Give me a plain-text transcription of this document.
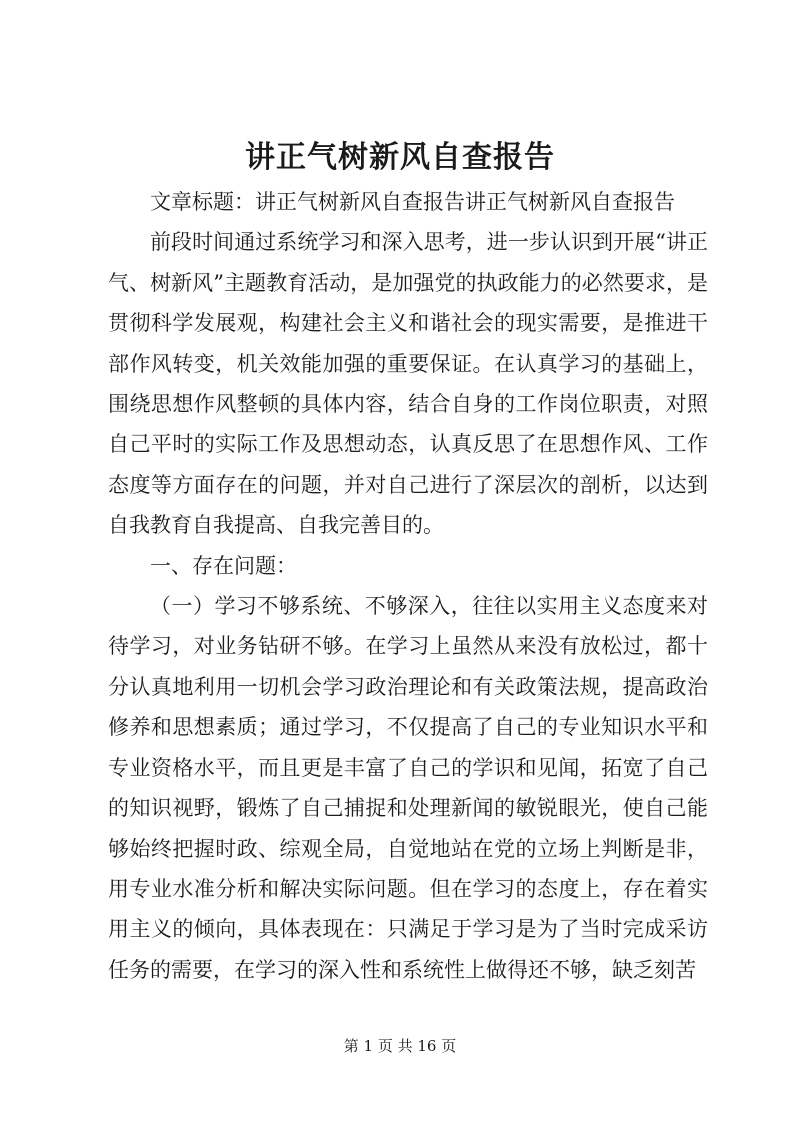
讲正气树新风自查报告

文章标题：讲正气树新风自查报告讲正气树新风自查报告

前段时间通过系统学习和深入思考，进一步认识到开展“讲正气、树新风”主题教育活动，是加强党的执政能力的必然要求，是贯彻科学发展观，构建社会主义和谐社会的现实需要，是推进干部作风转变，机关效能加强的重要保证。在认真学习的基础上，围绕思想作风整顿的具体内容，结合自身的工作岗位职责，对照自己平时的实际工作及思想动态，认真反思了在思想作风、工作态度等方面存在的问题，并对自己进行了深层次的剖析，以达到自我教育自我提高、自我完善目的。

一、存在问题：

（一）学习不够系统、不够深入，往往以实用主义态度来对待学习，对业务钻研不够。在学习上虽然从来没有放松过，都十分认真地利用一切机会学习政治理论和有关政策法规，提高政治修养和思想素质；通过学习，不仅提高了自己的专业知识水平和专业资格水平，而且更是丰富了自己的学识和见闻，拓宽了自己的知识视野，锻炼了自己捕捉和处理新闻的敏锐眼光，使自己能够始终把握时政、综观全局，自觉地站在党的立场上判断是非，用专业水准分析和解决实际问题。但在学习的态度上，存在着实用主义的倾向，具体表现在：只满足于学习是为了当时完成采访任务的需要，在学习的深入性和系统性上做得还不够，缺乏刻苦

第 1 页 共 16 页
